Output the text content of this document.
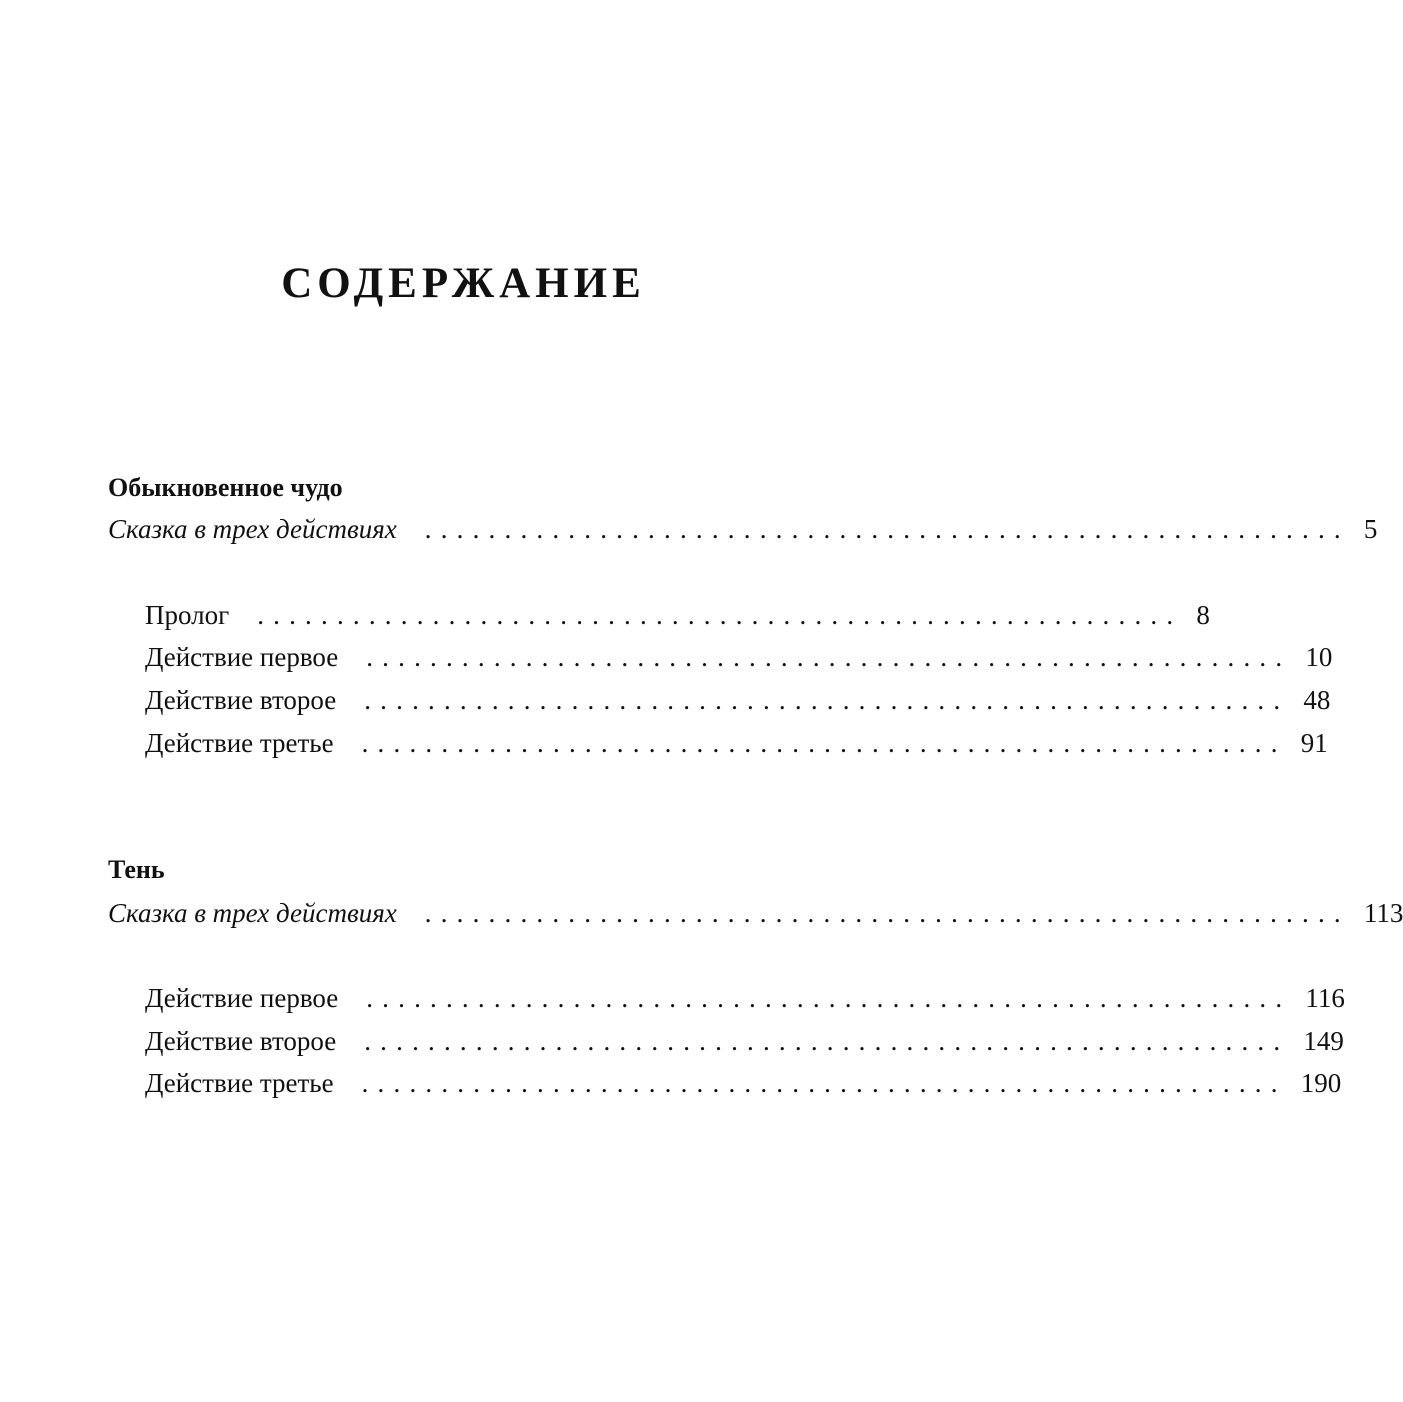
СОДЕРЖАНИЕ
Обыкновенное чудо
Сказка в трех действиях .......................................................... 5
Пролог .......................................................... 8
Действие первое .......................................................... 10
Действие второе .......................................................... 48
Действие третье .......................................................... 91
Тень
Сказка в трех действиях .......................................................... 113
Действие первое .......................................................... 116
Действие второе .......................................................... 149
Действие третье .......................................................... 190
